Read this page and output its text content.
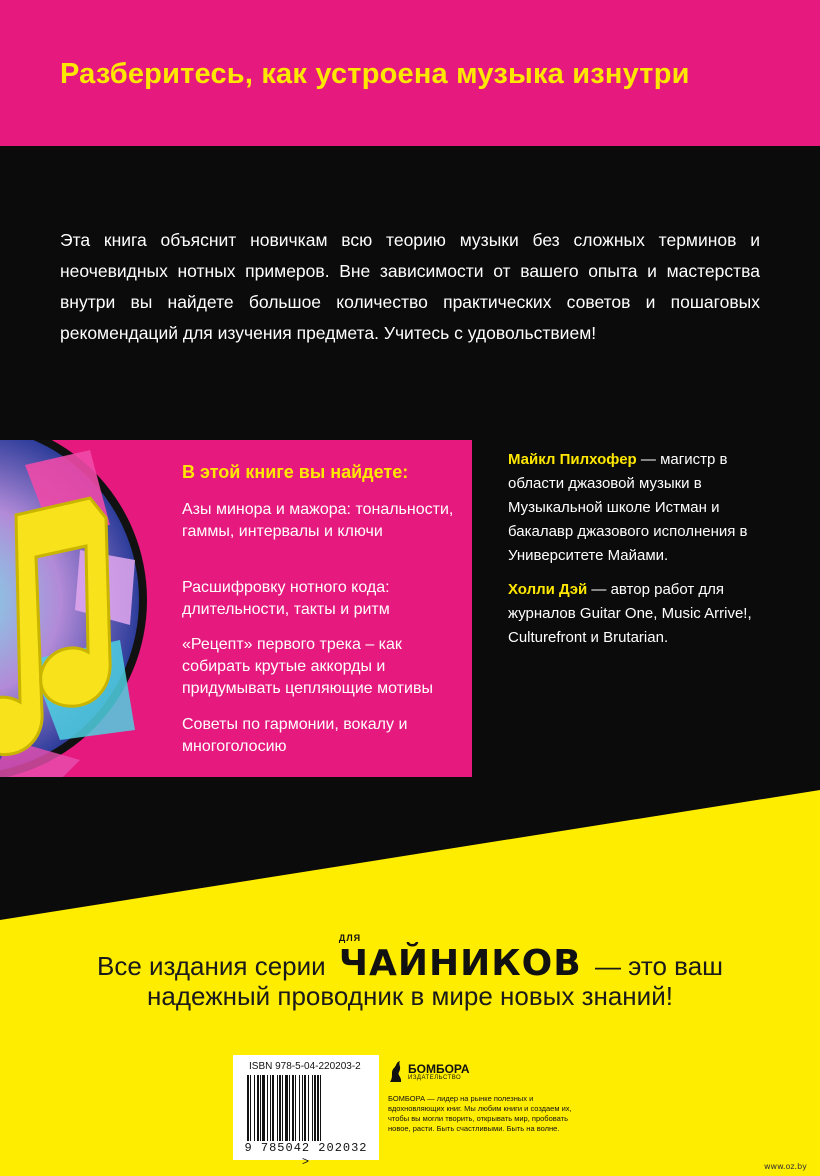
Разберитесь, как устроена музыка изнутри

Эта книга объяснит новичкам всю теорию музыки без сложных терминов и неочевидных нотных примеров. Вне зависимости от вашего опыта и мастерства внутри вы найдете большое количество практических советов и пошаговых рекомендаций для изучения предмета. Учитесь с удовольствием!

В этой книге вы найдете:
Азы минора и мажора: тональности, гаммы, интервалы и ключи
Расшифровку нотного кода: длительности, такты и ритм
«Рецепт» первого трека – как собирать крутые аккорды и придумывать цепляющие мотивы
Советы по гармонии, вокалу и многоголосию

Майкл Пилхофер — магистр в области джазовой музыки в Музыкальной школе Истман и бакалавр джазового исполнения в Университете Майами.

Холли Дэй — автор работ для журналов Guitar One, Music Arrive!, Culturefront и Brutarian.

Все издания серии
ДЛЯ
ЧАЙНИКОВ — это ваш
надежный проводник в мире новых знаний!
ISBN 978-5-04-220203-2
9 785042 202032 >
БОМБОРА
ИЗДАТЕЛЬСТВО

БОМБОРА — лидер на рынке полезных и вдохновляющих книг. Мы любим книги и создаем их, чтобы вы могли творить, открывать мир, пробовать новое, расти. Быть счастливыми. Быть на волне.

www.oz.by
